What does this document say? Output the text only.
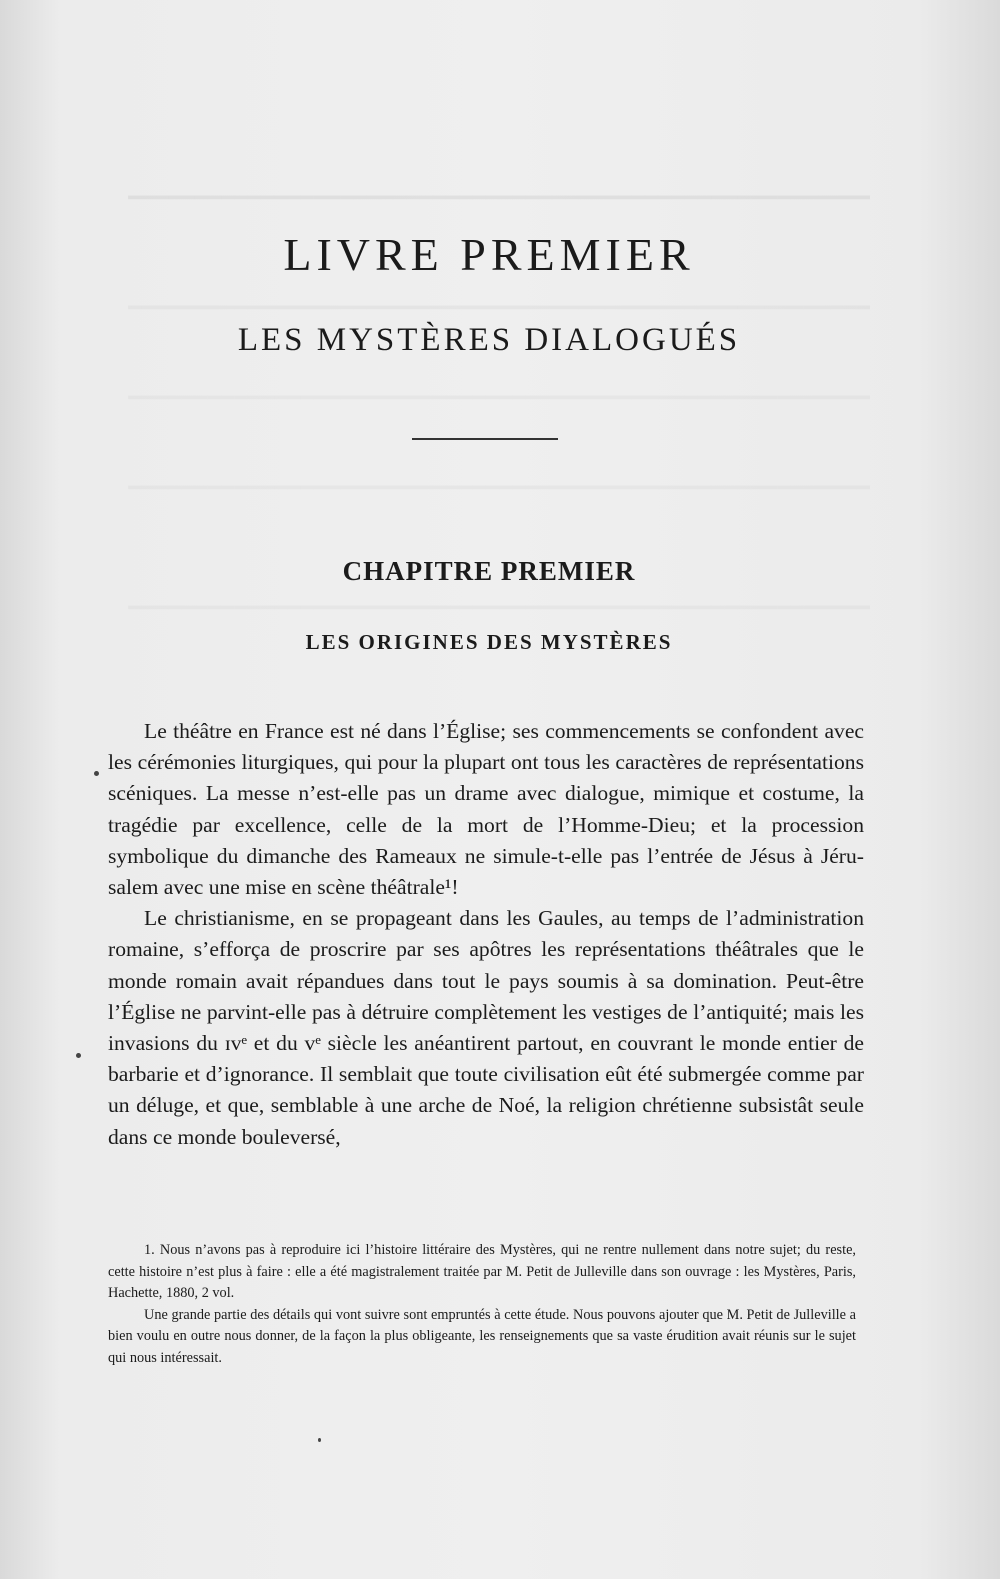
━━━━━━━━━━━━━━━━━━━━━━━━━━━━━━━━━━━━━━━━━━━━━━━━━━━━━━━━
━━━━━━━━━━━━━━━━━━━━━━━━━━━━━━━━━━━━━━━━━━━━━━━━━━━━━━━━
━━━━━━━━━━━━━━━━━━━━━━━━━━━━━━━━━━━━━━━━━━━━━━━━━━━━━━━━
━━━━━━━━━━━━━━━━━━━━━━━━━━━━━━━━━━━━━━━━━━━━━━━━━━━━━━━━
━━━━━━━━━━━━━━━━━━━━━━━━━━━━━━━━━━━━━━━━━━━━━━━━━━━━━━━━
LIVRE PREMIER
LES MYSTÈRES DIALOGUÉS
CHAPITRE PREMIER
LES ORIGINES DES MYSTÈRES

Le théâtre en France est né dans l’Église; ses commencements se confondent avec les cérémonies liturgiques, qui pour la plupart ont tous les caractères de représentations scéniques. La messe n’est-elle pas un drame avec dialogue, mimique et costume, la tragédie par excellence, celle de la mort de l’Homme-Dieu; et la procession symbolique du dimanche des Rameaux ne simule-t-elle pas l’entrée de Jésus à Jérusalem avec une mise en scène théâtrale¹!

Le christianisme, en se propageant dans les Gaules, au temps de l’administration romaine, s’efforça de proscrire par ses apôtres les représentations théâtrales que le monde romain avait répandues dans tout le pays soumis à sa domination. Peut-être l’Église ne parvint-elle pas à détruire complètement les vestiges de l’antiquité; mais les invasions du ɪᴠᵉ et du ᴠᵉ siècle les anéantirent partout, en couvrant le monde entier de barbarie et d’ignorance. Il semblait que toute civilisation eût été submergée comme par un déluge, et que, semblable à une arche de Noé, la religion chrétienne subsistât seule dans ce monde bouleversé,

1. Nous n’avons pas à reproduire ici l’histoire littéraire des Mystères, qui ne rentre nullement dans notre sujet; du reste, cette histoire n’est plus à faire : elle a été magistralement traitée par M. Petit de Julleville dans son ouvrage : les Mystères, Paris, Hachette, 1880, 2 vol.

Une grande partie des détails qui vont suivre sont empruntés à cette étude. Nous pouvons ajouter que M. Petit de Julleville a bien voulu en outre nous donner, de la façon la plus obligeante, les renseignements que sa vaste érudition avait réunis sur le sujet qui nous intéressait.
